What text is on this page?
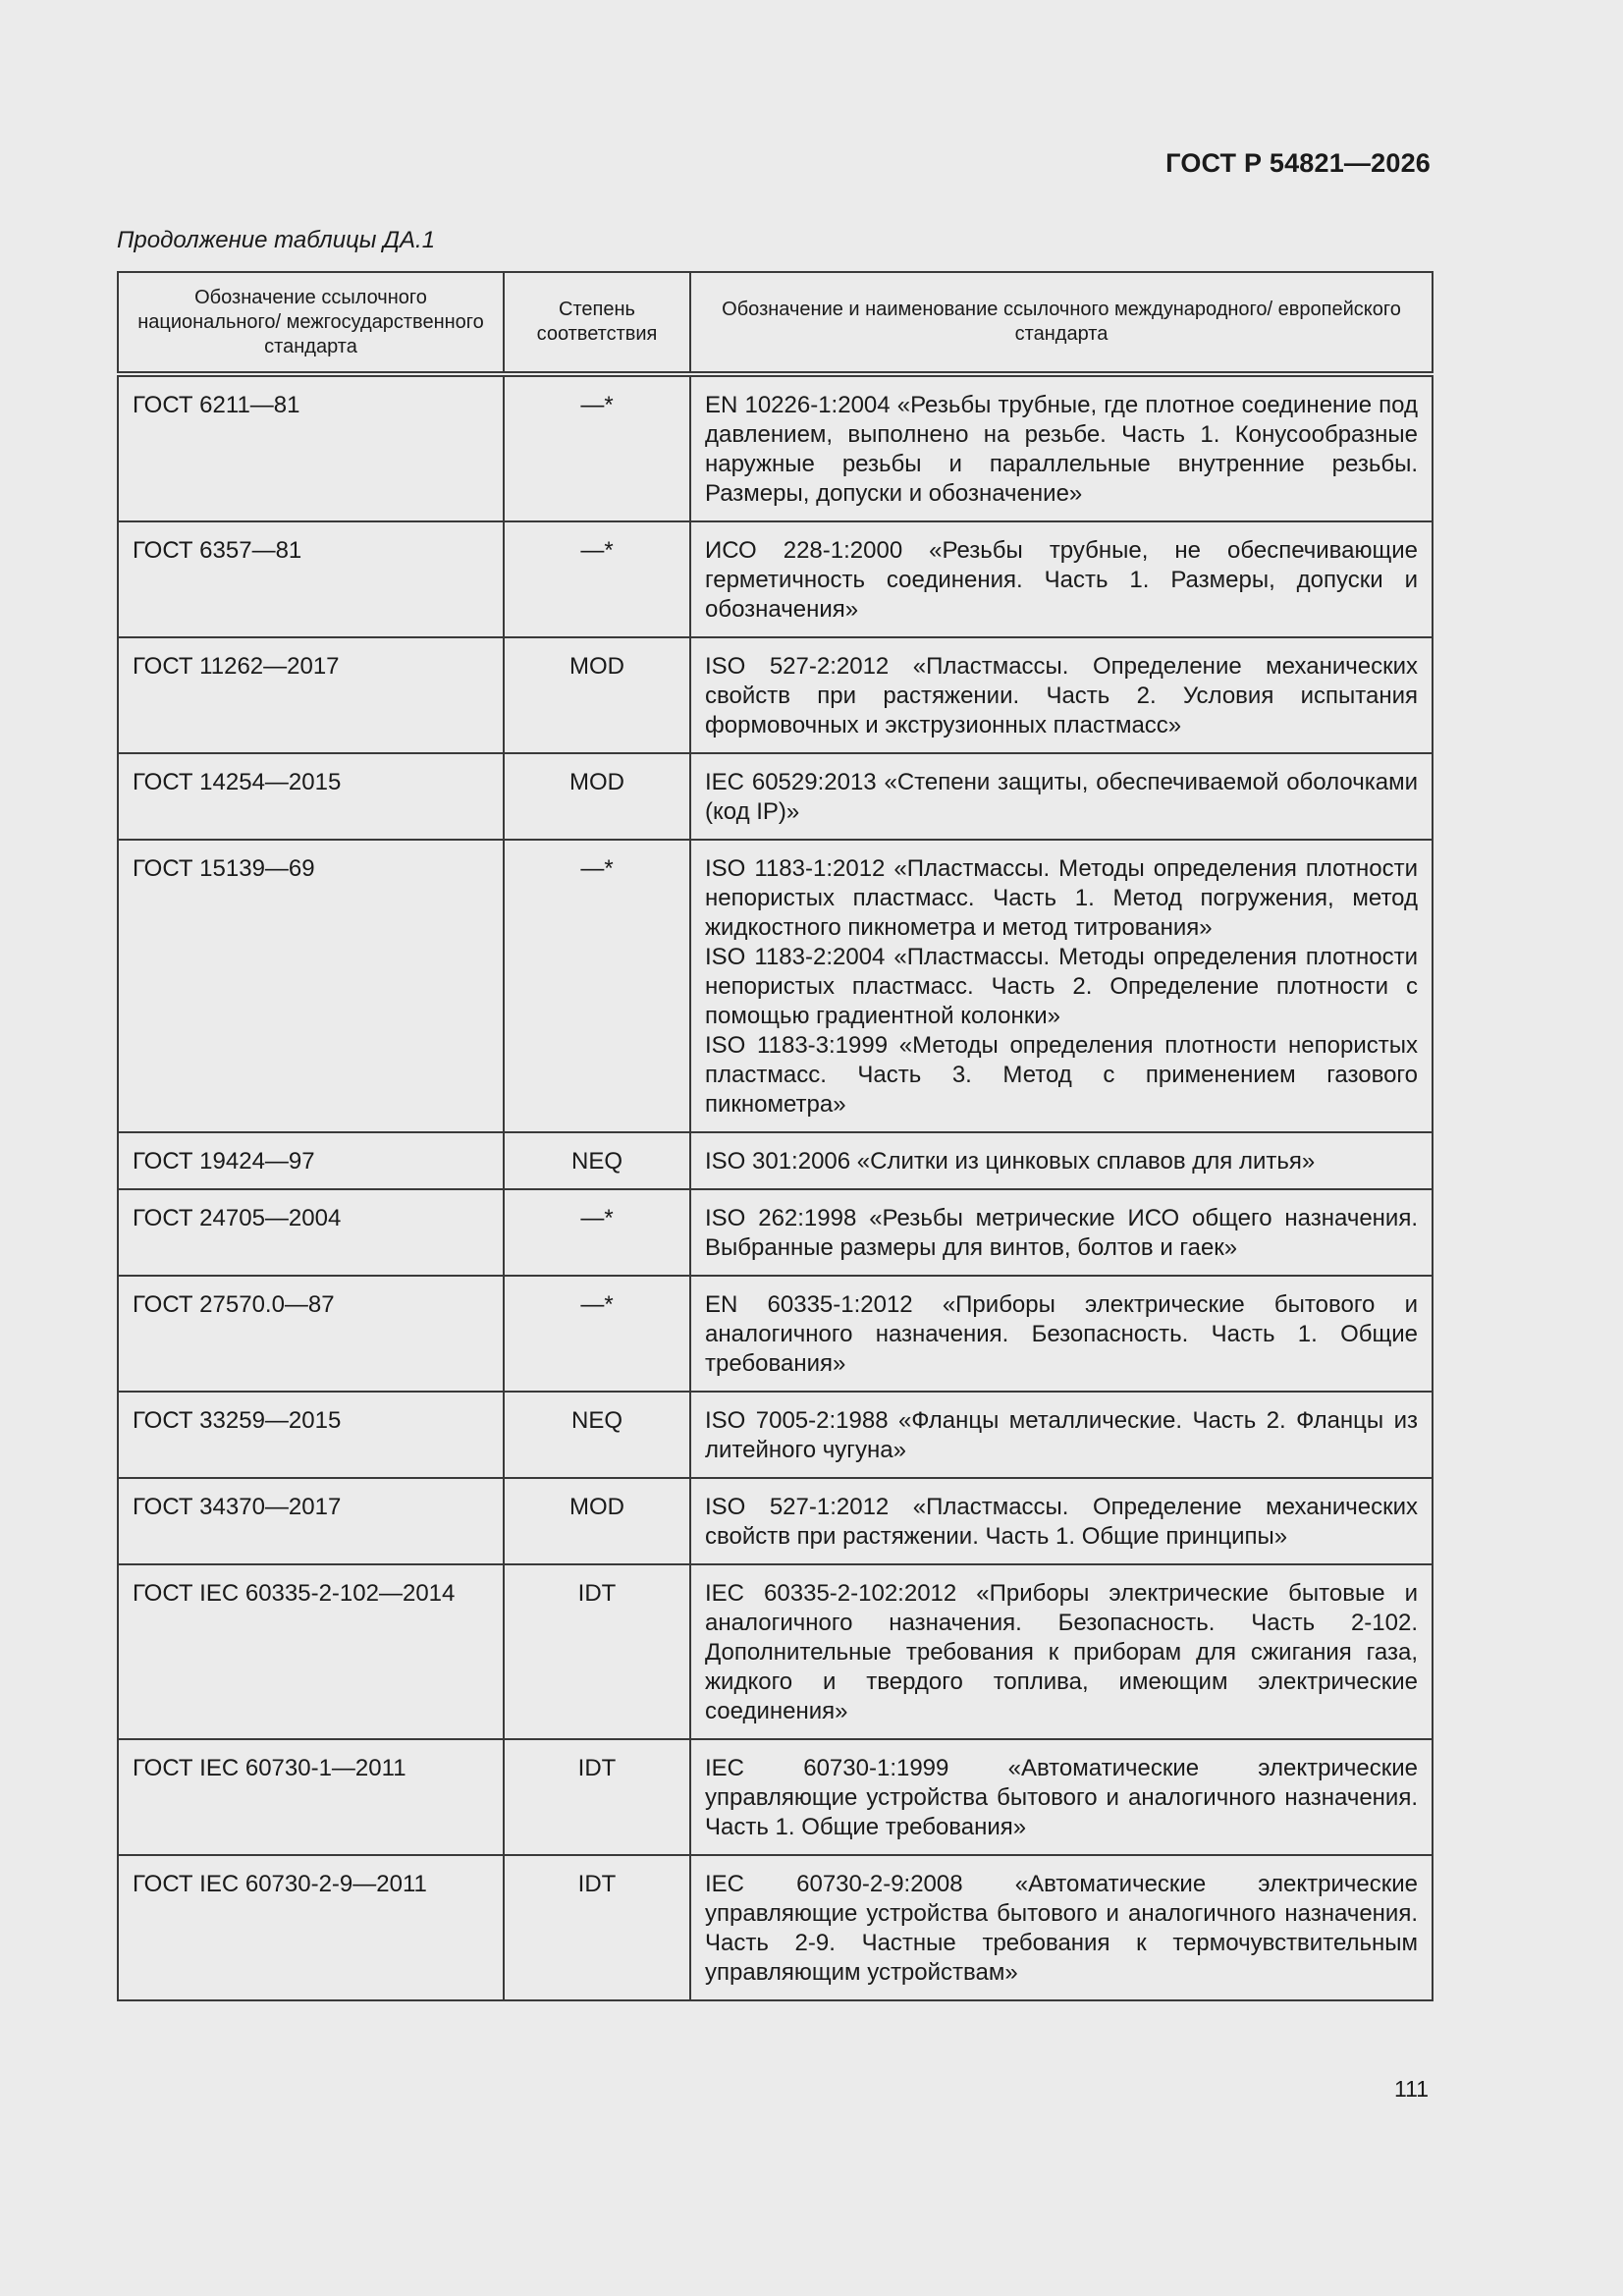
ГОСТ Р 54821—2026
Продолжение таблицы ДА.1
Обозначение ссылочного национального/ межгосударственного стандарта	Степень соответствия	Обозначение и наименование ссылочного международного/ европейского стандарта
ГОСТ 6211—81	—*	EN 10226-1:2004 «Резьбы трубные, где плотное соединение под давлением, выполнено на резьбе. Часть 1. Конусообразные наружные резьбы и параллельные внутренние резьбы. Размеры, допуски и обозначение»

ГОСТ 6357—81	—*	ИСО 228-1:2000 «Резьбы трубные, не обеспечивающие герметичность соединения. Часть 1. Размеры, допуски и обозначения»

ГОСТ 11262—2017	MOD	ISO 527-2:2012 «Пластмассы. Определение механических свойств при растяжении. Часть 2. Условия испытания формовочных и экструзионных пластмасс»

ГОСТ 14254—2015	MOD	IEC 60529:2013 «Степени защиты, обеспечиваемой оболочками (код IP)»

ГОСТ 15139—69	—*	ISO 1183-1:2012 «Пластмассы. Методы определения плотности непористых пластмасс. Часть 1. Метод погружения, метод жидкостного пикнометра и метод титрования»
ISO 1183-2:2004 «Пластмассы. Методы определения плотности непористых пластмасс. Часть 2. Определение плотности с помощью градиентной колонки»
ISO 1183-3:1999 «Методы определения плотности непористых пластмасс. Часть 3. Метод с применением газового пикнометра»

ГОСТ 19424—97	NEQ	ISO 301:2006 «Слитки из цинковых сплавов для литья»

ГОСТ 24705—2004	—*	ISO 262:1998 «Резьбы метрические ИСО общего назначения. Выбранные размеры для винтов, болтов и гаек»

ГОСТ 27570.0—87	—*	EN 60335-1:2012 «Приборы электрические бытового и аналогичного назначения. Безопасность. Часть 1. Общие требования»

ГОСТ 33259—2015	NEQ	ISO 7005-2:1988 «Фланцы металлические. Часть 2. Фланцы из литейного чугуна»

ГОСТ 34370—2017	MOD	ISO 527-1:2012 «Пластмассы. Определение механических свойств при растяжении. Часть 1. Общие принципы»

ГОСТ IEC 60335-2-102—2014	IDT	IEC 60335-2-102:2012 «Приборы электрические бытовые и аналогичного назначения. Безопасность. Часть 2-102. Дополнительные требования к приборам для сжигания газа, жидкого и твердого топлива, имеющим электрические соединения»

ГОСТ IEC 60730-1—2011	IDT	IEC 60730-1:1999 «Автоматические электрические управляющие устройства бытового и аналогичного назначения. Часть 1. Общие требования»

ГОСТ IEC 60730-2-9—2011	IDT	IEC 60730-2-9:2008 «Автоматические электрические управляющие устройства бытового и аналогичного назначения. Часть 2-9. Частные требования к термочувствительным управляющим устройствам»
111
